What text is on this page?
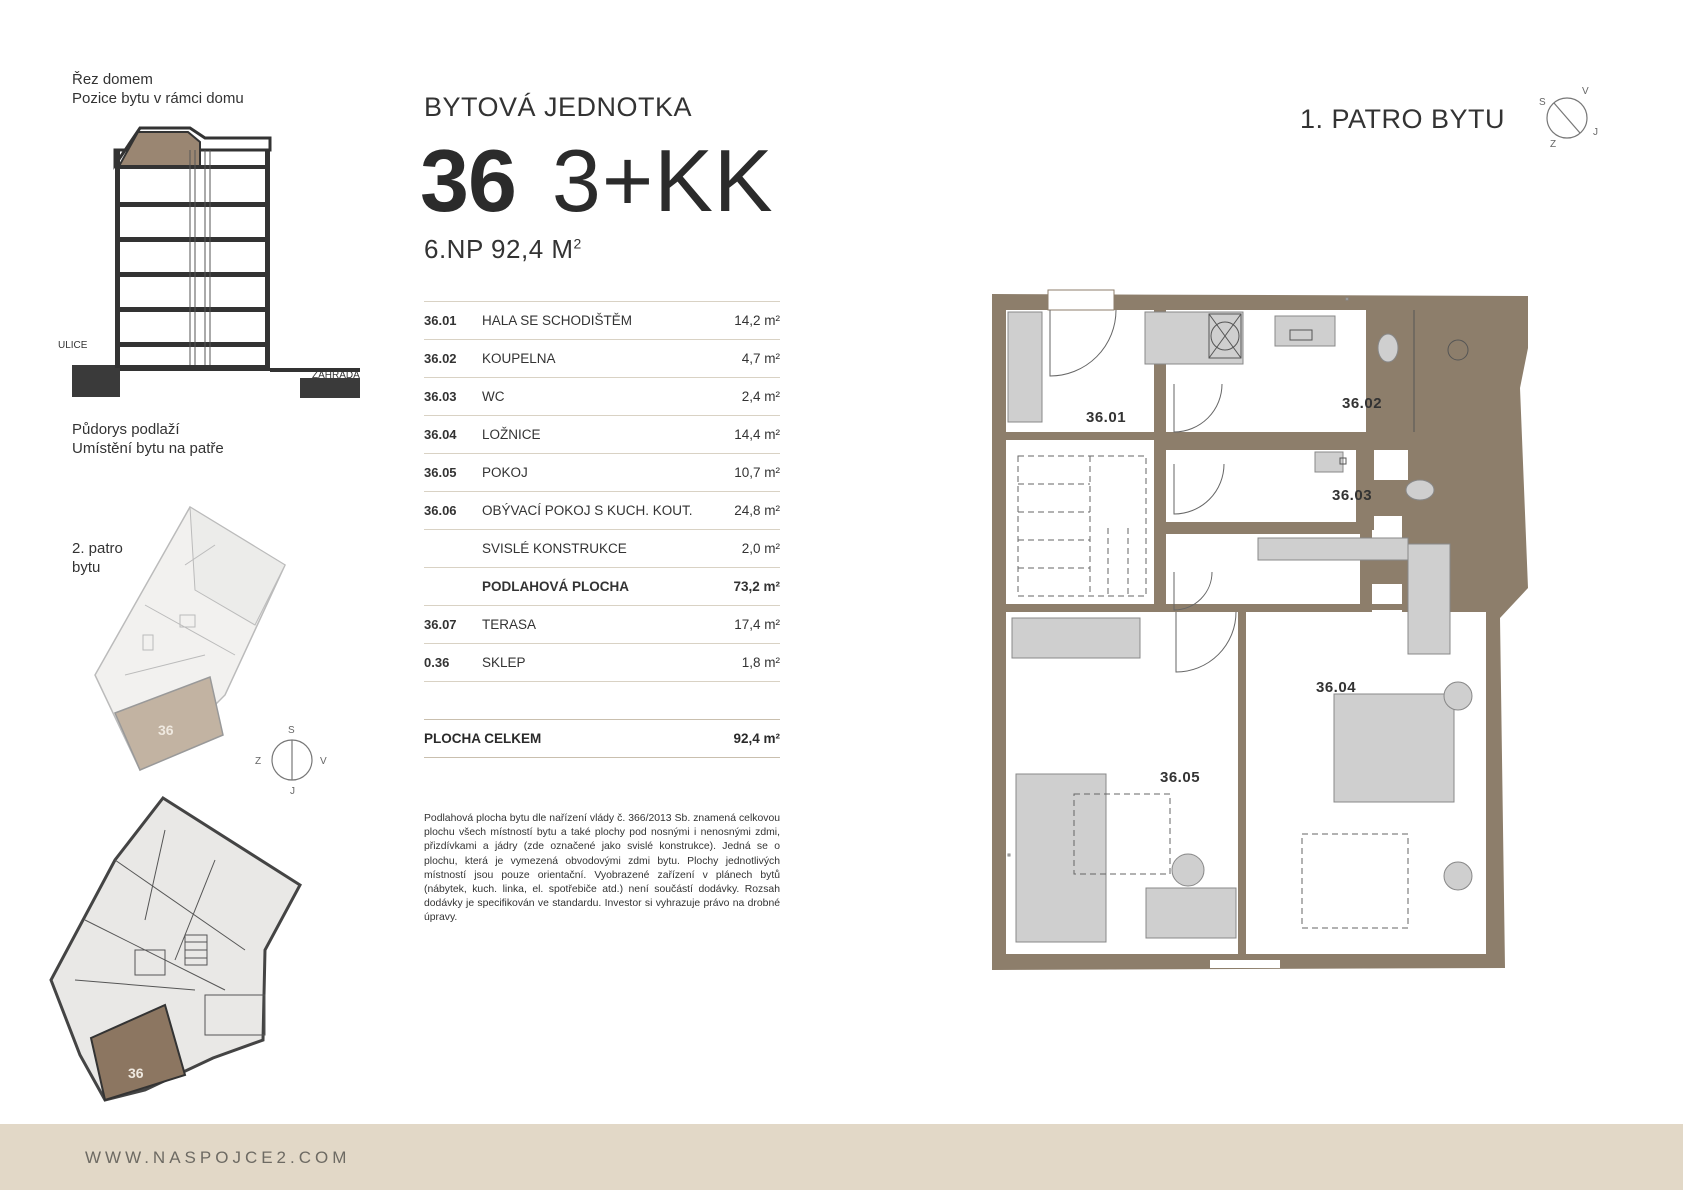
Řez domem
Pozice bytu v rámci domu
ULICE
ZAHRADA
Půdorys podlaží
Umístění bytu na patře
2. patro
bytu
36	S
J
Z	V
36
BYTOVÁ JEDNOTKA
36 3+KK
6.NP 92,4 $M^2$
36.01	HALA SE SCHODIŠTĚM	14,2 m²
36.02	KOUPELNA	4,7 m²
36.03	WC	2,4 m²
36.04	LOŽNICE	14,4 m²
36.05	POKOJ	10,7 m²
36.06	OBÝVACÍ POKOJ S KUCH. KOUT.	24,8 m²
	SVISLÉ KONSTRUKCE	2,0 m²
	PODLAHOVÁ PLOCHA	73,2 m²
36.07	TERASA	17,4 m²
0.36	SKLEP	1,8 m²
PLOCHA CELKEM	92,4 m²
Podlahová plocha bytu dle nařízení vlády č. 366/2013 Sb. znamená celkovou plochu všech místností bytu a také plochy pod nosnými i nenosnými zdmi, přizdívkami a jádry (zde označené jako svislé konstrukce). Jedná se o plochu, která je vymezená obvodovými zdmi bytu. Plochy jednotlivých místností jsou pouze orientační. Vyobrazené zařízení v plánech bytů (nábytek, kuch. linka, el. spotřebiče atd.) není součástí dodávky. Rozsah dodávky je specifikován ve standardu. Investor si vyhrazuje právo na drobné úpravy.
1. PATRO BYTU
V
S
Z
J
36.01
36.02
36.03
36.04
36.05
WWW.NASPOJCE2.COM
